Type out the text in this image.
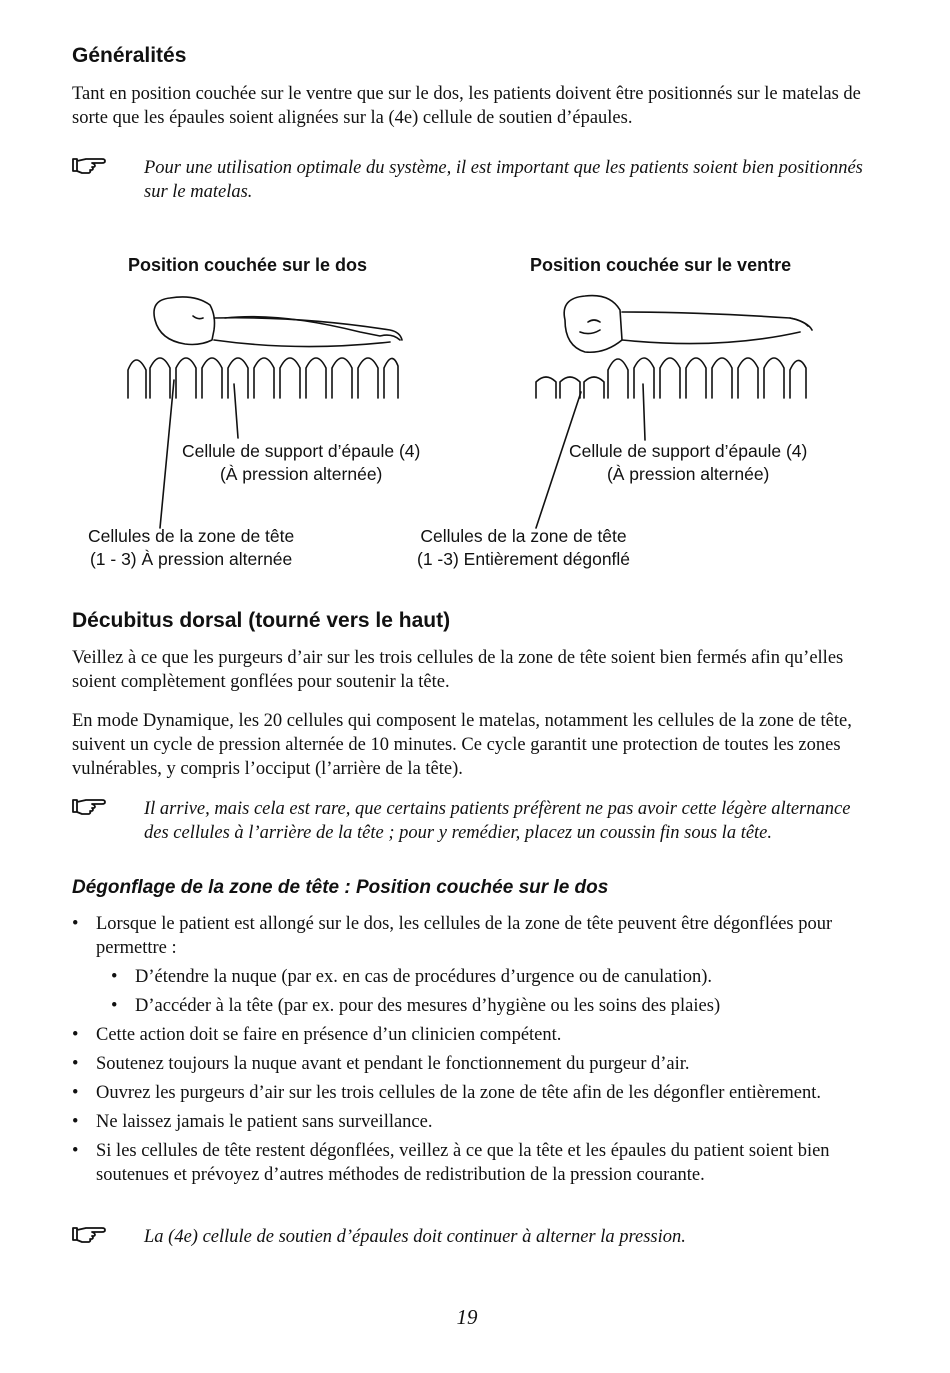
Généralités

Tant en position couchée sur le ventre que sur le dos, les patients doivent être positionnés sur le matelas de sorte que les épaules soient alignées sur la (4e) cellule de soutien d’épaules.

Pour une utilisation optimale du système, il est important que les patients soient bien positionnés sur le matelas.
Position couchée sur le dos	Position couchée sur le ventre
Cellule de support d’épaule (4)
(À pression alternée)
Cellule de support d’épaule (4)
(À pression alternée)
Cellules de la zone de tête
(1 - 3) À pression alternée
Cellules de la zone de tête
(1 -3) Entièrement dégonflé
Décubitus dorsal (tourné vers le haut)

Veillez à ce que les purgeurs d’air sur les trois cellules de la zone de tête soient bien fermés afin qu’elles soient complètement gonflées pour soutenir la tête.

En mode Dynamique, les 20 cellules qui composent le matelas, notamment les cellules de la zone de tête, suivent un cycle de pression alternée de 10 minutes. Ce cycle garantit une protection de toutes les zones vulnérables, y compris l’occiput (l’arrière de la tête).

Il arrive, mais cela est rare, que certains patients préfèrent ne pas avoir cette légère alternance des cellules à l’arrière de la tête ; pour y remédier, placez un coussin fin sous la tête.
Dégonflage de la zone de tête : Position couchée sur le dos
• Lorsque le patient est allongé sur le dos, les cellules de la zone de tête peuvent être dégonflées pour permettre :
• D’étendre la nuque (par ex. en cas de procédures d’urgence ou de canulation).
• D’accéder à la tête (par ex. pour des mesures d’hygiène ou les soins des plaies)
• Cette action doit se faire en présence d’un clinicien compétent.
• Soutenez toujours la nuque avant et pendant le fonctionnement du purgeur d’air.
• Ouvrez les purgeurs d’air sur les trois cellules de la zone de tête afin de les dégonfler entièrement.
• Ne laissez jamais le patient sans surveillance.
• Si les cellules de tête restent dégonflées, veillez à ce que la tête et les épaules du patient soient bien soutenues et prévoyez d’autres méthodes de redistribution de la pression courante.
La (4e) cellule de soutien d’épaules doit continuer à alterner la pression.
19
